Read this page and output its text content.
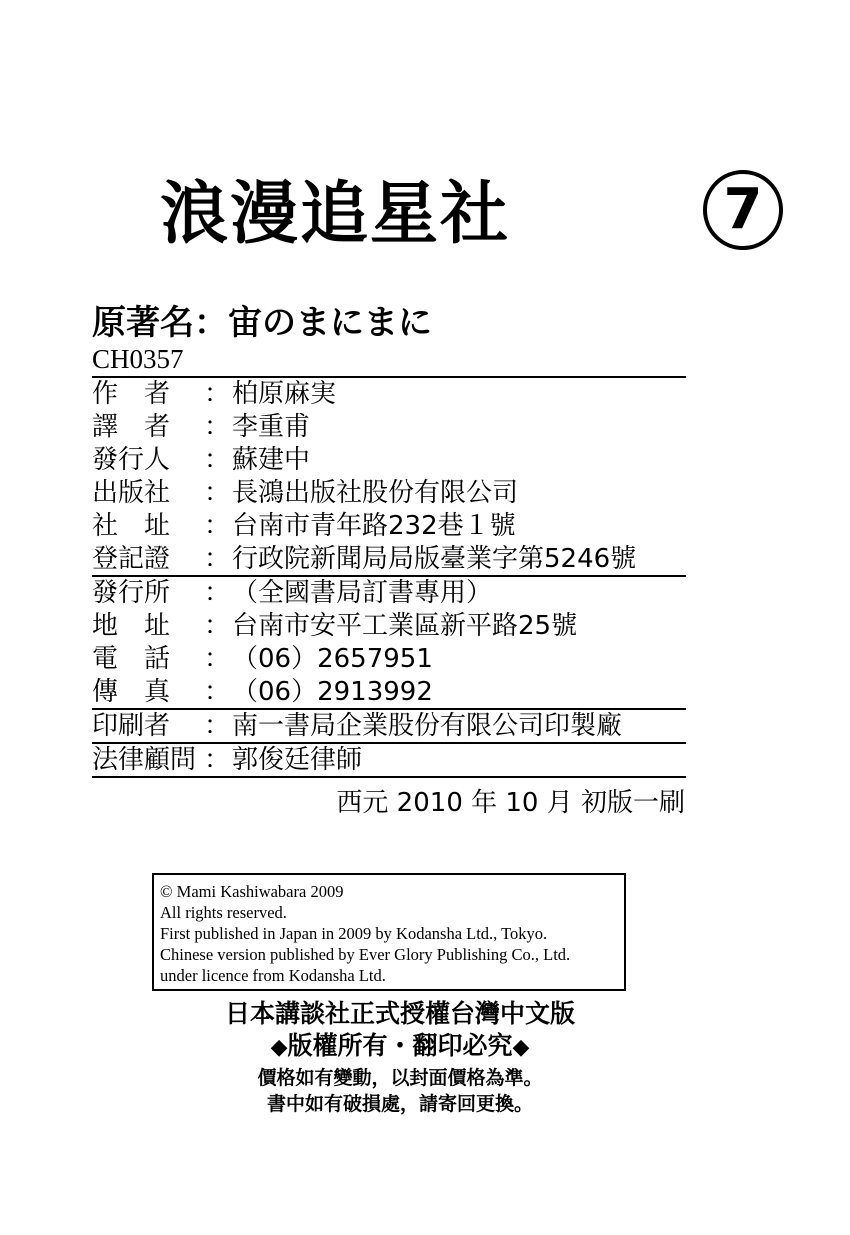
浪漫追星社	7
原著名：宙のまにまに
CH0357
作　者	： 柏原麻実
譯　者	： 李重甫
發行人	： 蘇建中
出版社	： 長鴻出版社股份有限公司
社　址	： 台南市青年路232巷１號
登記證	： 行政院新聞局局版臺業字第5246號
發行所	： （全國書局訂書專用）
地　址	： 台南市安平工業區新平路25號
電　話	： （06）2657951
傳　真	： （06）2913992
印刷者	： 南一書局企業股份有限公司印製廠
法律顧問 ： 郭俊廷律師
西元 2010 年 10 月 初版一刷
© Mami Kashiwabara 2009
All rights reserved.
First published in Japan in 2009 by Kodansha Ltd., Tokyo.
Chinese version published by Ever Glory Publishing Co., Ltd.
under licence from Kodansha Ltd.
日本講談社正式授權台灣中文版
◆版權所有・翻印必究◆
價格如有變動，以封面價格為準。
書中如有破損處，請寄回更換。
